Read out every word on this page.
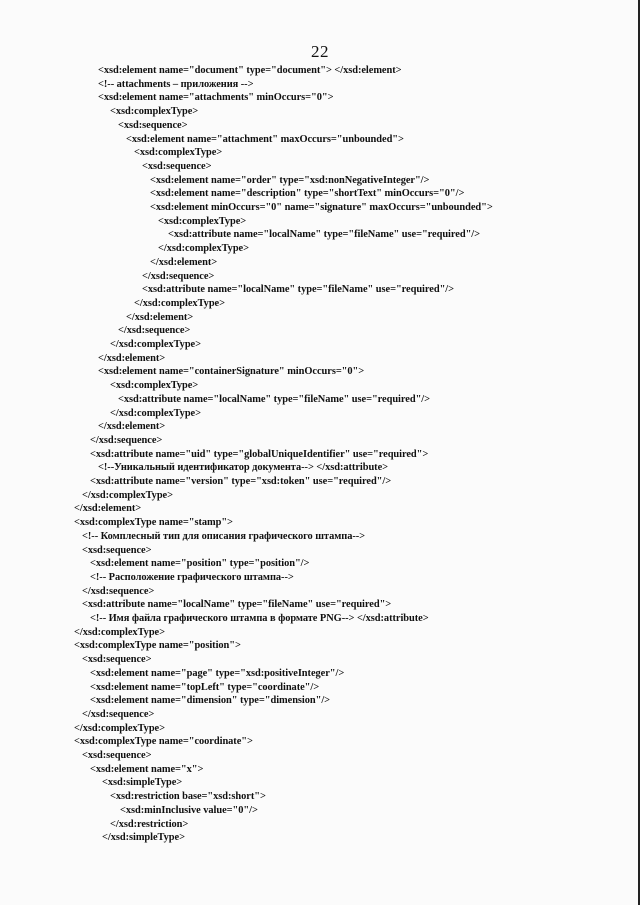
22
<xsd:element name="document" type="document"> </xsd:element>
<!-- attachments – приложения -->
<xsd:element name="attachments" minOccurs="0">
<xsd:complexType>
<xsd:sequence>
<xsd:element name="attachment" maxOccurs="unbounded">
<xsd:complexType>
<xsd:sequence>
<xsd:element name="order" type="xsd:nonNegativeInteger"/>
<xsd:element name="description" type="shortText" minOccurs="0"/>
<xsd:element minOccurs="0" name="signature" maxOccurs="unbounded">
<xsd:complexType>
<xsd:attribute name="localName" type="fileName" use="required"/>
</xsd:complexType>
</xsd:element>
</xsd:sequence>
<xsd:attribute name="localName" type="fileName" use="required"/>
</xsd:complexType>
</xsd:element>
</xsd:sequence>
</xsd:complexType>
</xsd:element>
<xsd:element name="containerSignature" minOccurs="0">
<xsd:complexType>
<xsd:attribute name="localName" type="fileName" use="required"/>
</xsd:complexType>
</xsd:element>
</xsd:sequence>
<xsd:attribute name="uid" type="globalUniqueIdentifier" use="required">
<!--Уникальный идентификатор документа--> </xsd:attribute>
<xsd:attribute name="version" type="xsd:token" use="required"/>
</xsd:complexType>
</xsd:element>
<xsd:complexType name="stamp">
<!-- Комплесный тип для описания графического штампа-->
<xsd:sequence>
<xsd:element name="position" type="position"/>
<!-- Расположение графического штампа-->
</xsd:sequence>
<xsd:attribute name="localName" type="fileName" use="required">
<!-- Имя файла графического штампа в формате PNG--> </xsd:attribute>
</xsd:complexType>
<xsd:complexType name="position">
<xsd:sequence>
<xsd:element name="page" type="xsd:positiveInteger"/>
<xsd:element name="topLeft" type="coordinate"/>
<xsd:element name="dimension" type="dimension"/>
</xsd:sequence>
</xsd:complexType>
<xsd:complexType name="coordinate">
<xsd:sequence>
<xsd:element name="x">
<xsd:simpleType>
<xsd:restriction base="xsd:short">
<xsd:minInclusive value="0"/>
</xsd:restriction>
</xsd:simpleType>
